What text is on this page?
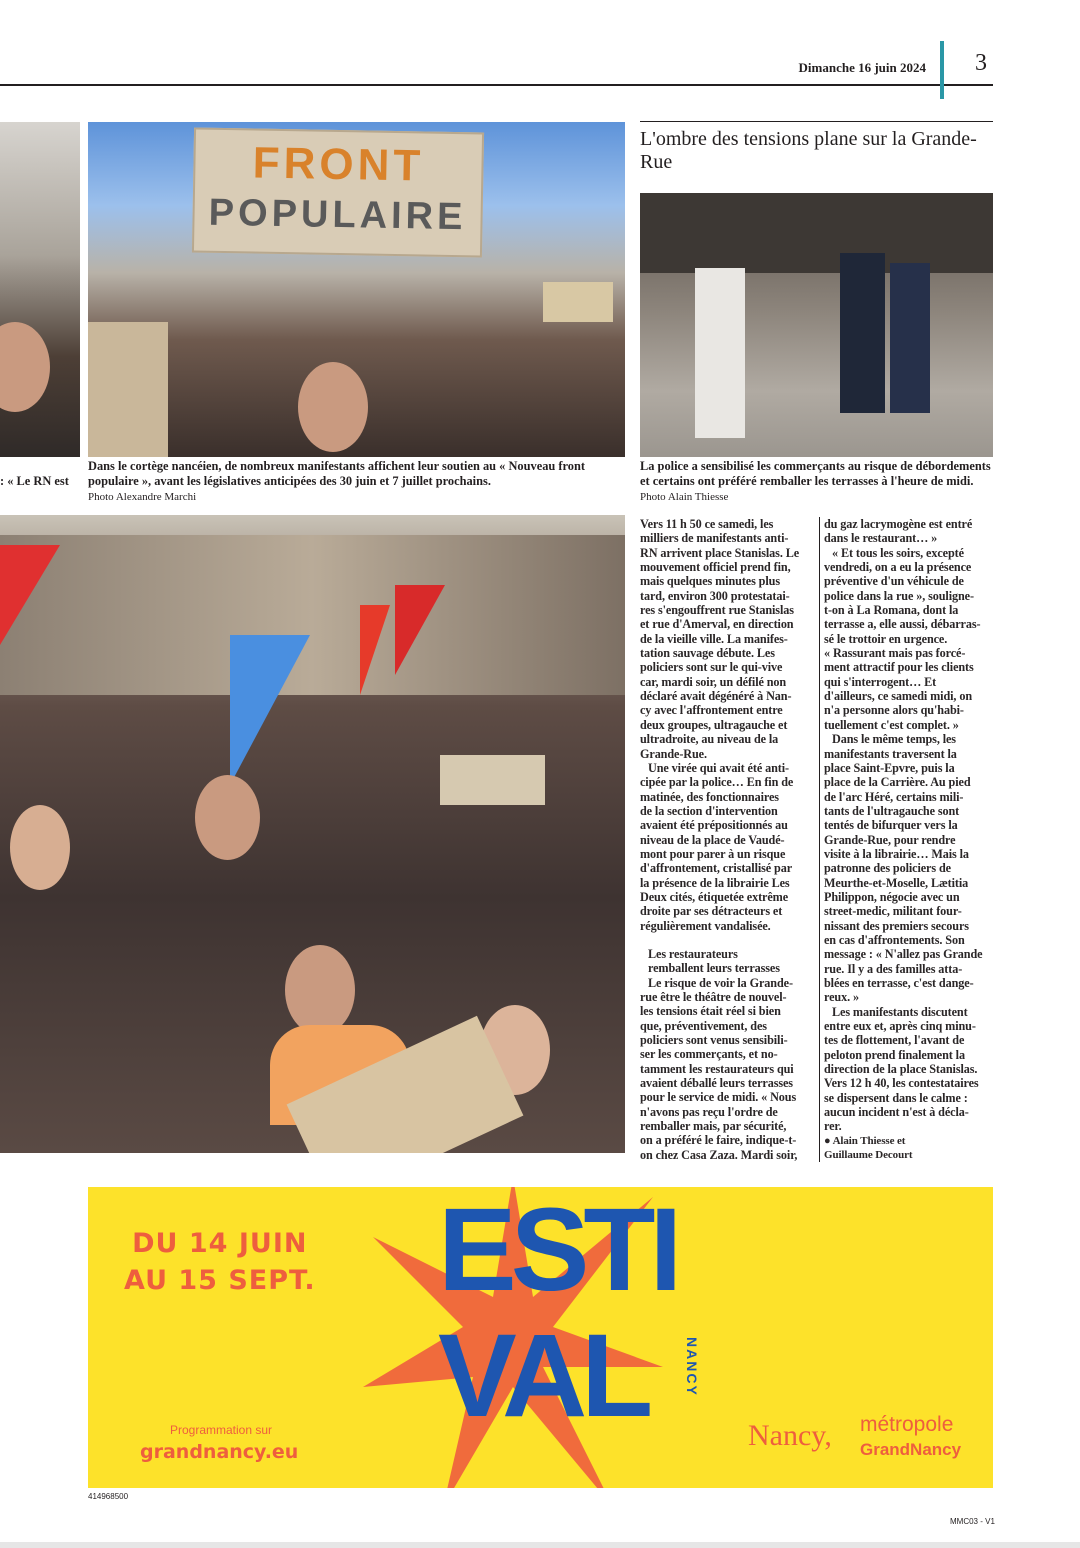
Dimanche 16 juin 2024 3
: « Le RN est
FRONT
POPULAIRE
Dans le cortège nancéien, de nombreux manifestants affichent leur soutien au « Nouveau front populaire », avant les législatives anticipées des 30 juin et 7 juillet prochains.
Photo Alexandre Marchi
L'ombre des tensions plane sur la Grande-Rue
La police a sensibilisé les commerçants au risque de débordements et certains ont préféré remballer les terrasses à l'heure de midi. Photo Alain Thiesse
Vers 11 h 50 ce samedi, les
milliers de manifestants anti-
RN arrivent place Stanislas. Le
mouvement officiel prend fin,
mais quelques minutes plus
tard, environ 300 protestatai-
res s'engouffrent rue Stanislas
et rue d'Amerval, en direction
de la vieille ville. La manifes-
tation sauvage débute. Les
policiers sont sur le qui-vive
car, mardi soir, un défilé non
déclaré avait dégénéré à Nan-
cy avec l'affrontement entre
deux groupes, ultragauche et
ultradroite, au niveau de la
Grande-Rue.
Une virée qui avait été anti-
cipée par la police… En fin de
matinée, des fonctionnaires
de la section d'intervention
avaient été prépositionnés au
niveau de la place de Vaudé-
mont pour parer à un risque
d'affrontement, cristallisé par
la présence de la librairie Les
Deux cités, étiquetée extrême
droite par ses détracteurs et
régulièrement vandalisée.
Les restaurateurs
remballent leurs terrasses
Le risque de voir la Grande-
rue être le théâtre de nouvel-
les tensions était réel si bien
que, préventivement, des
policiers sont venus sensibili-
ser les commerçants, et no-
tamment les restaurateurs qui
avaient déballé leurs terrasses
pour le service de midi. « Nous
n'avons pas reçu l'ordre de
remballer mais, par sécurité,
on a préféré le faire, indique-t-
on chez Casa Zaza. Mardi soir,
du gaz lacrymogène est entré
dans le restaurant… »
« Et tous les soirs, excepté
vendredi, on a eu la présence
préventive d'un véhicule de
police dans la rue », souligne-
t-on à La Romana, dont la
terrasse a, elle aussi, débarras-
sé le trottoir en urgence.
« Rassurant mais pas forcé-
ment attractif pour les clients
qui s'interrogent… Et
d'ailleurs, ce samedi midi, on
n'a personne alors qu'habi-
tuellement c'est complet. »
Dans le même temps, les
manifestants traversent la
place Saint-Epvre, puis la
place de la Carrière. Au pied
de l'arc Héré, certains mili-
tants de l'ultragauche sont
tentés de bifurquer vers la
Grande-Rue, pour rendre
visite à la librairie… Mais la
patronne des policiers de
Meurthe-et-Moselle, Lætitia
Philippon, négocie avec un
street-medic, militant four-
nissant des premiers secours
en cas d'affrontements. Son
message : « N'allez pas Grande
rue. Il y a des familles atta-
blées en terrasse, c'est dange-
reux. »
Les manifestants discutent
entre eux et, après cinq minu-
tes de flottement, l'avant de
peloton prend finalement la
direction de la place Stanislas.
Vers 12 h 40, les contestataires
se dispersent dans le calme :
aucun incident n'est à décla-
rer.
● Alain Thiesse et
Guillaume Decourt
DU 14 JUIN
AU 15 SEPT. ESTI
VAL	NANCY
Programmation sur
grandnancy.eu	Nancy, métropole
GrandNancy
414968500
MMC03 - V1
